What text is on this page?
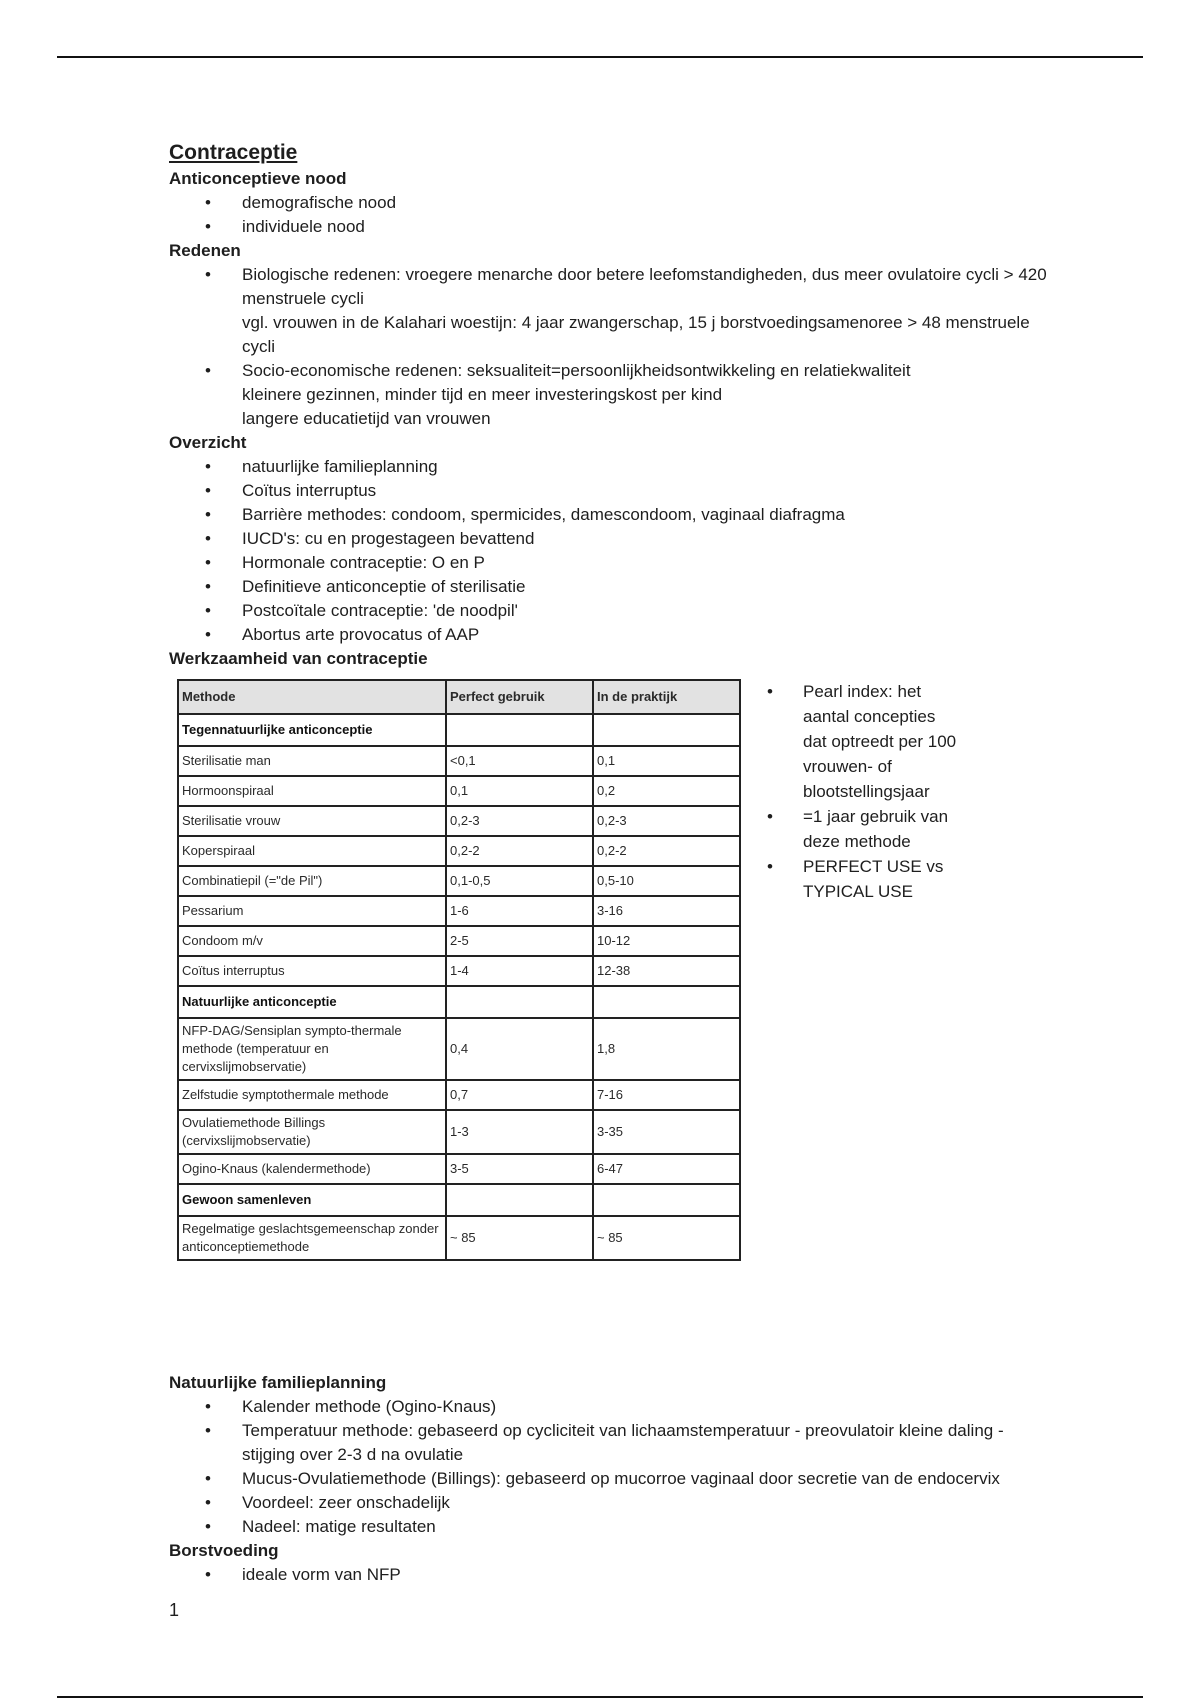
Contraceptie

Anticonceptieve nood

• demografische nood
• individuele nood

Redenen

• Biologische redenen: vroegere menarche door betere leefomstandigheden, dus meer ovulatoire cycli > 420 menstruele cycli
vgl. vrouwen in de Kalahari woestijn: 4 jaar zwangerschap, 15 j borstvoedingsamenoree > 48 menstruele cycli
• Socio-economische redenen: seksualiteit=persoonlijkheidsontwikkeling en relatiekwaliteit
kleinere gezinnen, minder tijd en meer investeringskost per kind
langere educatietijd van vrouwen

Overzicht

• natuurlijke familieplanning
• Coïtus interruptus
• Barrière methodes: condoom, spermicides, damescondoom, vaginaal diafragma
• IUCD's: cu en progestageen bevattend
• Hormonale contraceptie: O en P
• Definitieve anticonceptie of sterilisatie
• Postcoïtale contraceptie: 'de noodpil'
• Abortus arte provocatus of AAP

Werkzaamheid van contraceptie

Methode	Perfect gebruik	In de praktijk
Tegennatuurlijke anticonceptie		
Sterilisatie man	<0,1	0,1
Hormoonspiraal	0,1	0,2
Sterilisatie vrouw	0,2-3	0,2-3
Koperspiraal	0,2-2	0,2-2
Combinatiepil (="de Pil")	0,1-0,5	0,5-10
Pessarium	1-6	3-16
Condoom m/v	2-5	10-12
Coïtus interruptus	1-4	12-38
Natuurlijke anticonceptie		
NFP-DAG/Sensiplan sympto-thermale methode (temperatuur en cervixslijmobservatie)	0,4	1,8
Zelfstudie symptothermale methode	0,7	7-16
Ovulatiemethode Billings (cervixslijmobservatie)	1-3	3-35
Ogino-Knaus (kalendermethode)	3-5	6-47
Gewoon samenleven		
Regelmatige geslachtsgemeenschap zonder anticonceptiemethode	~ 85	~ 85
• Pearl index: het aantal concepties dat optreedt per 100 vrouwen- of blootstellingsjaar
• =1 jaar gebruik van deze methode
• PERFECT USE vs TYPICAL USE

Natuurlijke familieplanning

• Kalender methode (Ogino-Knaus)
• Temperatuur methode: gebaseerd op cycliciteit van lichaamstemperatuur - preovulatoir kleine daling - stijging over 2-3 d na ovulatie
• Mucus-Ovulatiemethode (Billings): gebaseerd op mucorroe vaginaal door secretie van de endocervix
• Voordeel: zeer onschadelijk
• Nadeel: matige resultaten

Borstvoeding

• ideale vorm van NFP
1
